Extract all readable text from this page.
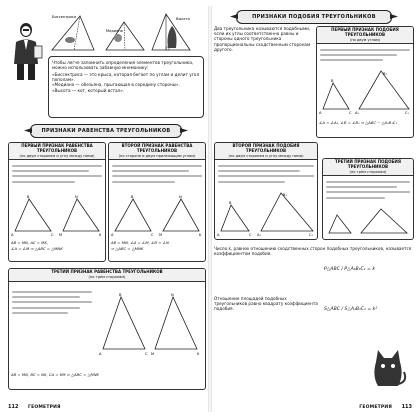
Биссектриса
Медиана
Высота
Чтобы легче запомнить определения элементов треугольника, можно использовать забавную мнемонику:
«Биссектриса — это крыса, которая бегает по углам и делит угол пополам».
«Медиана — обезьяна, прыгающая в середину стороны».
«Высота — кот, который встал».
ПРИЗНАКИ РАВЕНСТВА ТРЕУГОЛЬНИКОВ
ПЕРВЫЙ ПРИЗНАК РАВЕНСТВА ТРЕУГОЛЬНИКОВ
(по двум сторонам и углу между ними)
A	C
B
M	K
N
AB = MN, AC = MK,
∠A = ∠M ⇒ △ABC = △MNK
ВТОРОЙ ПРИЗНАК РАВЕНСТВА ТРЕУГОЛЬНИКОВ
(по стороне и двум прилежащим углам)
A	C
B
M	K
N
AB = MN, ∠A = ∠M, ∠B = ∠N
⇒ △ABC = △MNK
ТРЕТИЙ ПРИЗНАК РАВЕНСТВА ТРЕУГОЛЬНИКОВ
(по трём сторонам)
A	C
B
M	K
N
AB = MN, BC = NK, CA = KM ⇒ △ABC = △MNK
112 ГЕОМЕТРИЯ
ПРИЗНАКИ ПОДОБИЯ ТРЕУГОЛЬНИКОВ
Два треугольника называются подобными, если их углы соответственно равны и стороны одного треугольника пропорциональны сходственным сторонам другого.
ПЕРВЫЙ ПРИЗНАК ПОДОБИЯ ТРЕУГОЛЬНИКОВ
(по двум углам)
A	C
B
A₁	C₁
B₁
∠A = ∠A₁, ∠B = ∠B₁ ⇒ △ABC ~ △A₁B₁C₁
ВТОРОЙ ПРИЗНАК ПОДОБИЯ ТРЕУГОЛЬНИКОВ
(по двум сторонам и углу между ними)
A	C
B
A₁	C₁
B₁
ТРЕТИЙ ПРИЗНАК ПОДОБИЯ ТРЕУГОЛЬНИКОВ
(по трём сторонам)
Число k, равное отношению сходственных сторон подобных треугольников, называется коэффициентом подобия.
P△ABC / P△A₁B₁C₁ = k
Отношение площадей подобных треугольников равно квадрату коэффициента подобия.	S△ABC / S△A₁B₁C₁ = k²
ГЕОМЕТРИЯ 113
